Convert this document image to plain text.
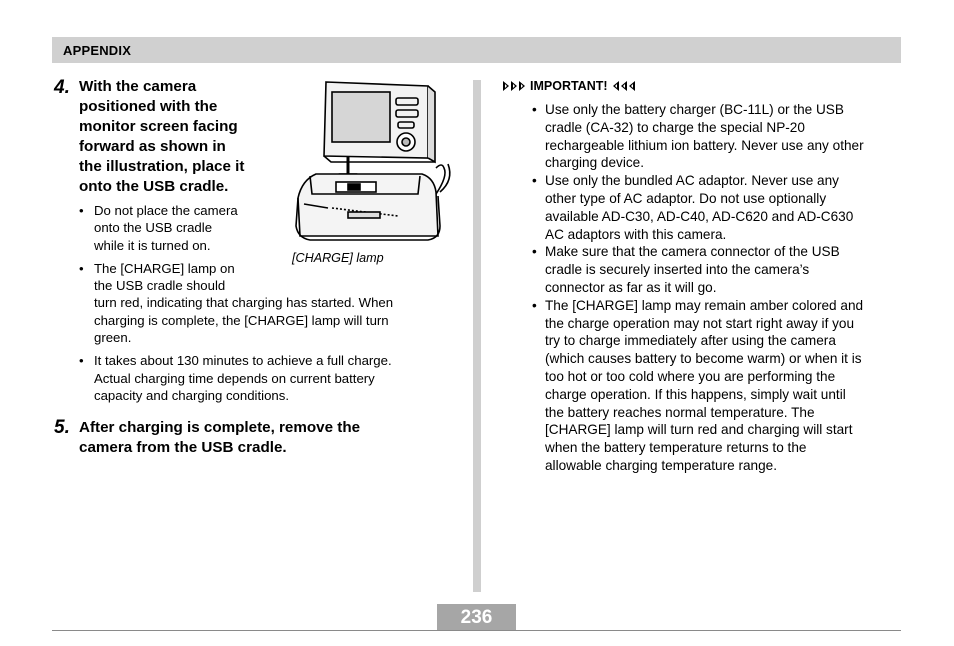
APPENDIX
4. With the camera
positioned with the
monitor screen facing
forward as shown in
the illustration, place it
onto the USB cradle.
• Do not place the camera
onto the USB cradle
while it is turned on.
• The [CHARGE] lamp on
the USB cradle should
turn red, indicating that charging has started. When
charging is complete, the [CHARGE] lamp will turn
green.
• It takes about 130 minutes to achieve a full charge.
Actual charging time depends on current battery
capacity and charging conditions.
[CHARGE] lamp
5. After charging is complete, remove the
camera from the USB cradle.
IMPORTANT!
• Use only the battery charger (BC-11L) or the USB
cradle (CA-32) to charge the special NP-20
rechargeable lithium ion battery. Never use any other
charging device.
• Use only the bundled AC adaptor. Never use any
other type of AC adaptor. Do not use optionally
available AD-C30, AD-C40, AD-C620 and AD-C630
AC adaptors with this camera.
• Make sure that the camera connector of the USB
cradle is securely inserted into the camera’s
connector as far as it will go.
• The [CHARGE] lamp may remain amber colored and
the charge operation may not start right away if you
try to charge immediately after using the camera
(which causes battery to become warm) or when it is
too hot or too cold where you are performing the
charge operation. If this happens, simply wait until
the battery reaches normal temperature. The
[CHARGE] lamp will turn red and charging will start
when the battery temperature returns to the
allowable charging temperature range.
236
